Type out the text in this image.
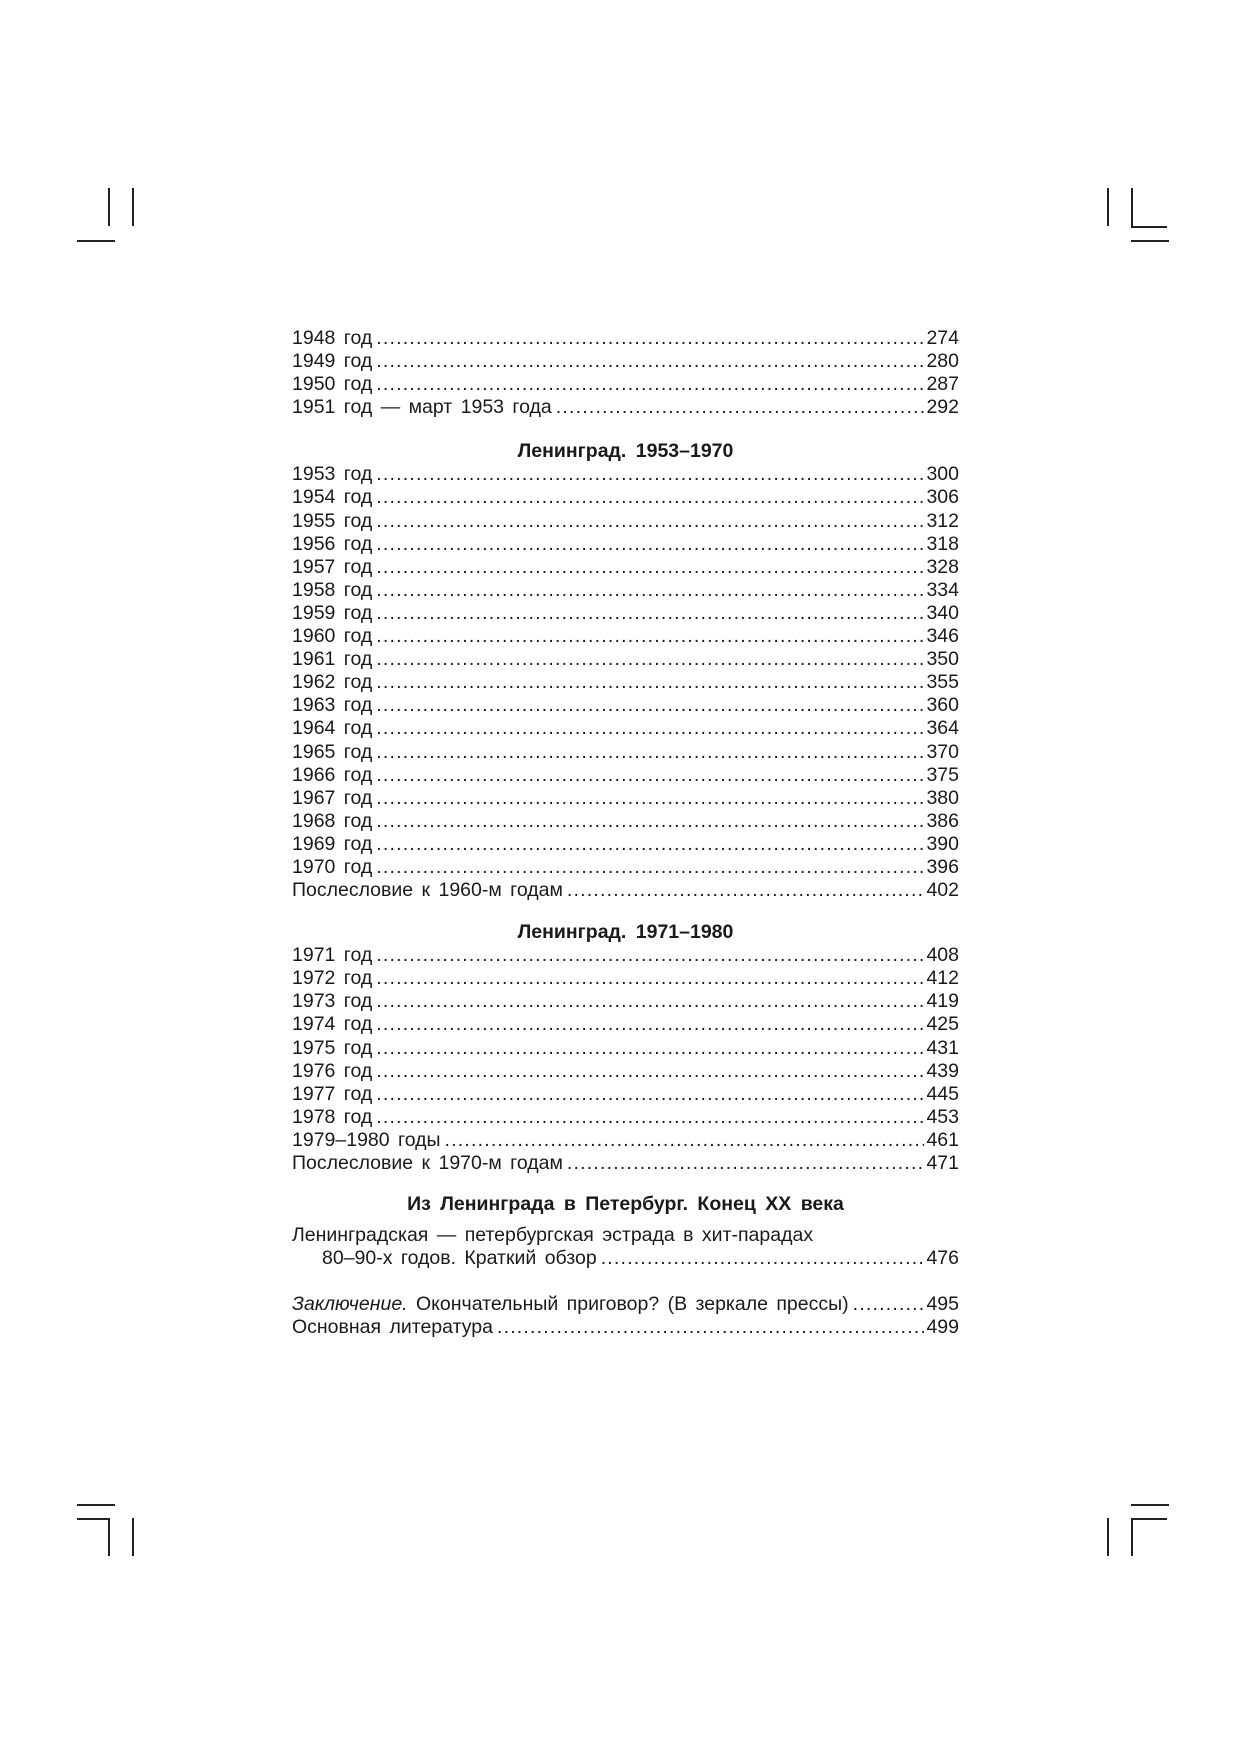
1948 год .....	274
1949 год .....	280
1950 год .....	287
1951 год — март 1953 года .....	292
Ленинград. 1953–1970
1953 год .....	300
1954 год .....	306
1955 год .....	312
1956 год .....	318
1957 год .....	328
1958 год .....	334
1959 год .....	340
1960 год .....	346
1961 год .....	350
1962 год .....	355
1963 год .....	360
1964 год .....	364
1965 год .....	370
1966 год .....	375
1967 год .....	380
1968 год .....	386
1969 год .....	390
1970 год .....	396
Послесловие к 1960-м годам .....	402
Ленинград. 1971–1980
1971 год .....	408
1972 год .....	412
1973 год .....	419
1974 год .....	425
1975 год .....	431
1976 год .....	439
1977 год .....	445
1978 год .....	453
1979–1980 годы .....	461
Послесловие к 1970-м годам .....	471
Из Ленинграда в Петербург. Конец XX века
Ленинградская — петербургская эстрада в хит-парадах
80–90-х годов. Краткий обзор .....	476
Заключение. Окончательный приговор? (В зеркале прессы) .....	495
Основная литература .....	499
